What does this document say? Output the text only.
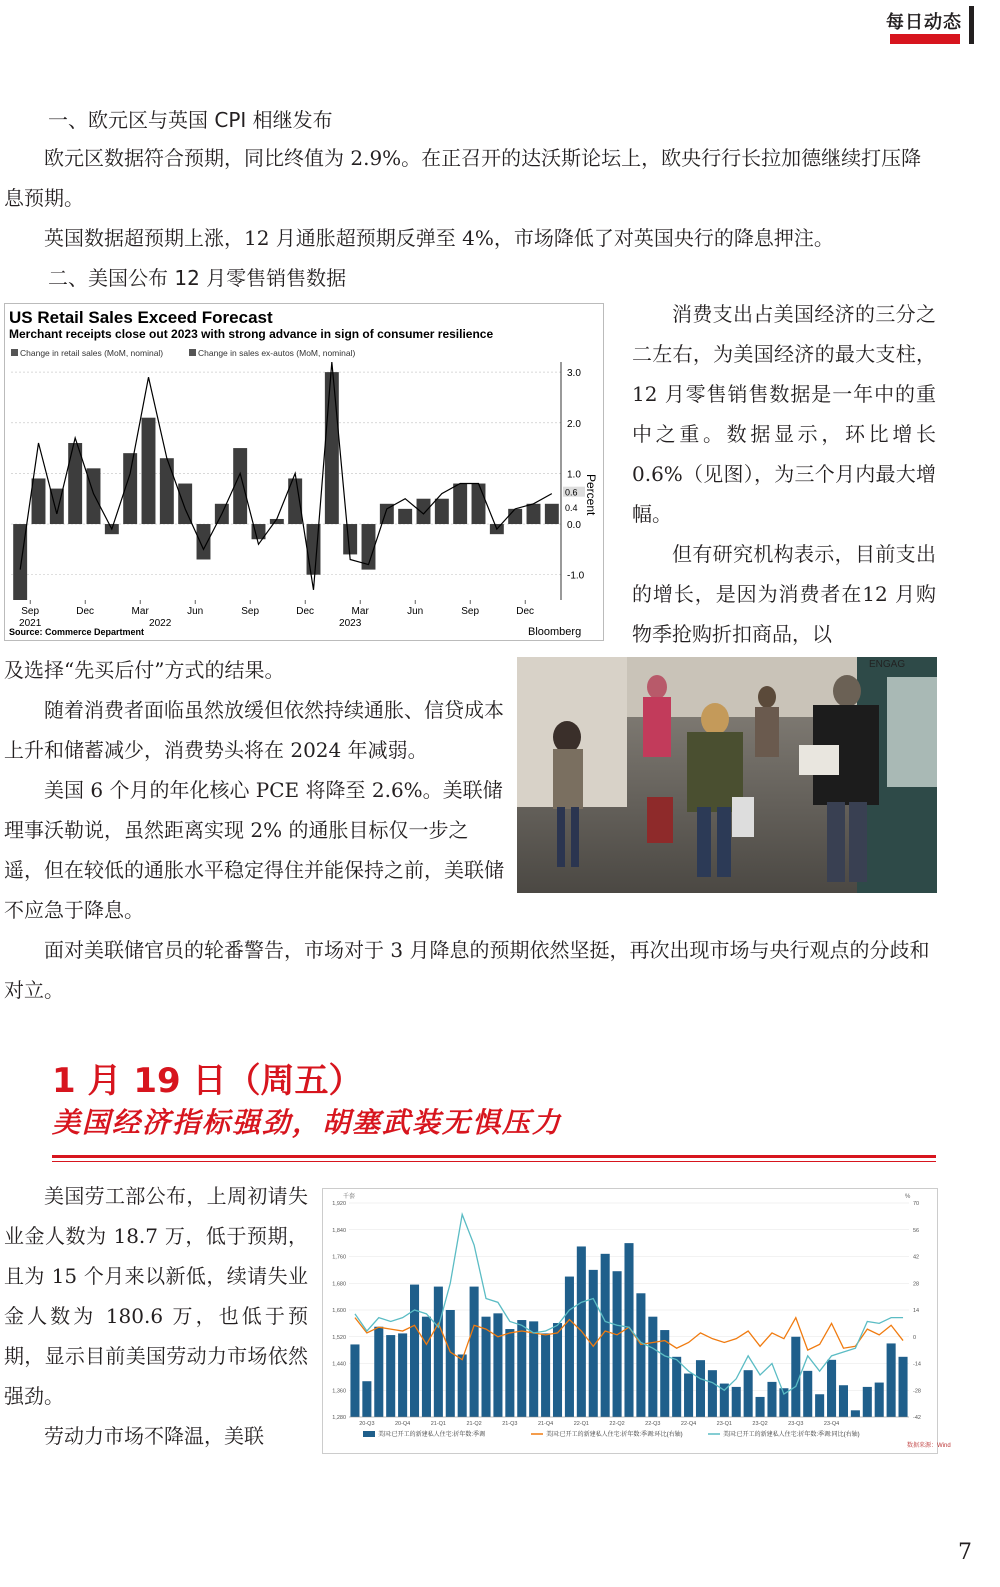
每日动态
一、欧元区与英国 CPI 相继发布

欧元区数据符合预期，同比终值为 2.9%。在正召开的达沃斯论坛上，欧央行行长拉加德继续打压降息预期。

英国数据超预期上涨，12 月通胀超预期反弹至 4%，市场降低了对英国央行的降息押注。

二、美国公布 12 月零售销售数据
US Retail Sales Exceed Forecast
Merchant receipts close out 2023 with strong advance in sign of consumer resilience
Change in retail sales (MoM, nominal)	Change in sales ex-autos (MoM, nominal)
3.0
2.0
1.0
0.0
-1.0
0.6
0.4
Sep	Dec	Mar	Jun	Sep	Dec	Mar	Jun	Sep	Dec
2021	2022	2023
Percent
Source: Commerce Department	Bloomberg

消费支出占美国经济的三分之二左右，为美国经济的最大支柱，12 月零售销售数据是一年中的重中之重。数据显示，环比增长 0.6%（见图），为三个月内最大增幅。

但有研究机构表示，目前支出的增长，是因为消费者在12 月购物季抢购折扣商品，以

及选择“先买后付”方式的结果。

随着消费者面临虽然放缓但依然持续通胀、信贷成本上升和储蓄减少，消费势头将在 2024 年减弱。

美国 6 个月的年化核心 PCE 将降至 2.6%。美联储理事沃勒说，虽然距离实现 2% 的通胀目标仅一步之遥，但在较低的通胀水平稳定得住并能保持之前，美联储不应急于降息。

ENGAG

面对美联储官员的轮番警告，市场对于 3 月降息的预期依然坚挺，再次出现市场与央行观点的分歧和对立。

1 月 19 日（周五）
美国经济指标强劲，胡塞武装无惧压力

美国劳工部公布，上周初请失业金人数为 18.7 万，低于预期，且为 15 个月来以新低，续请失业金人数为 180.6 万，也低于预期，显示目前美国劳动力市场依然强劲。

劳动力市场不降温，美联

千套	%
1,920
1,840
1,760
1,680
1,600
1,520
1,440
1,360
1,280
70
56
42
28
14
0
-14
-28
-42
20-Q3	20-Q4	21-Q1	21-Q2	21-Q3	21-Q4	22-Q1	22-Q2	22-Q3	22-Q4	23-Q1	23-Q2	23-Q3	23-Q4
美国:已开工的新建私人住宅:折年数:季调	美国:已开工的新建私人住宅:折年数:季调:环比(右轴)	美国:已开工的新建私人住宅:折年数:季调:同比(右轴)
数据来源：Wind
7
